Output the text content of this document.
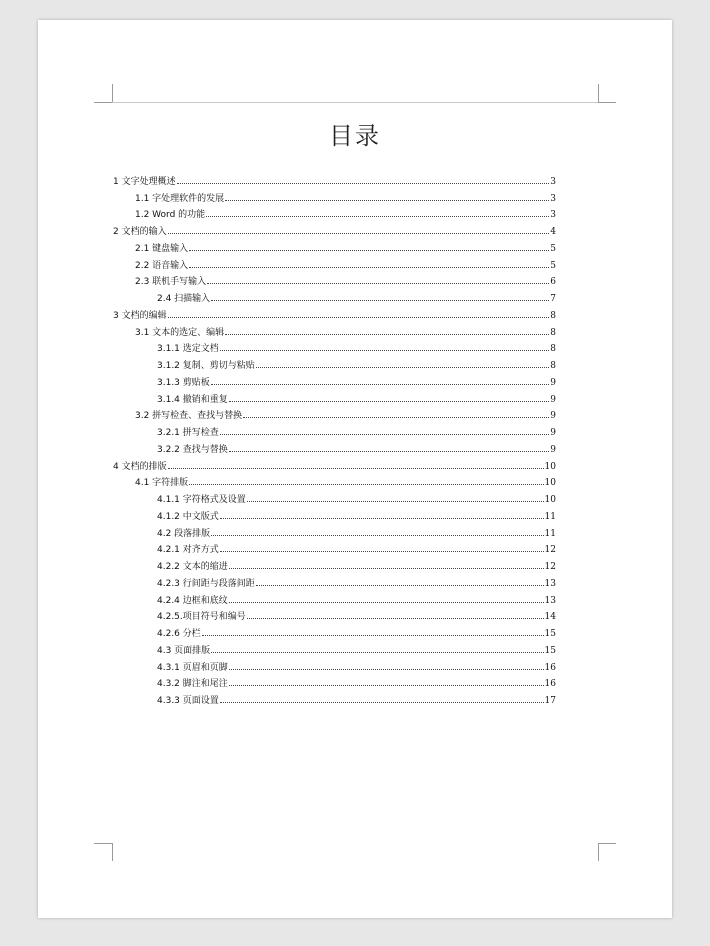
目录
1 文字处理概述	3
1.1 字处理软件的发展	3
1.2 Word 的功能	3
2 文档的输入	4
2.1 键盘输入	5
2.2 语音输入	5
2.3 联机手写输入	6
2.4 扫描输入	7
3 文档的编辑	8
3.1 文本的选定、编辑	8
3.1.1 选定文档	8
3.1.2 复制、剪切与粘贴	8
3.1.3 剪贴板	9
3.1.4 撤销和重复	9
3.2 拼写检查、查找与替换	9
3.2.1 拼写检查	9
3.2.2 查找与替换	9
4 文档的排版	10
4.1 字符排版	10
4.1.1 字符格式及设置	10
4.1.2 中文版式	11
4.2 段落排版	11
4.2.1 对齐方式	12
4.2.2 文本的缩进	12
4.2.3 行间距与段落间距	13
4.2.4 边框和底纹	13
4.2.5.项目符号和编号	14
4.2.6 分栏	15
4.3 页面排版	15
4.3.1 页眉和页脚	16
4.3.2 脚注和尾注	16
4.3.3 页面设置	17
